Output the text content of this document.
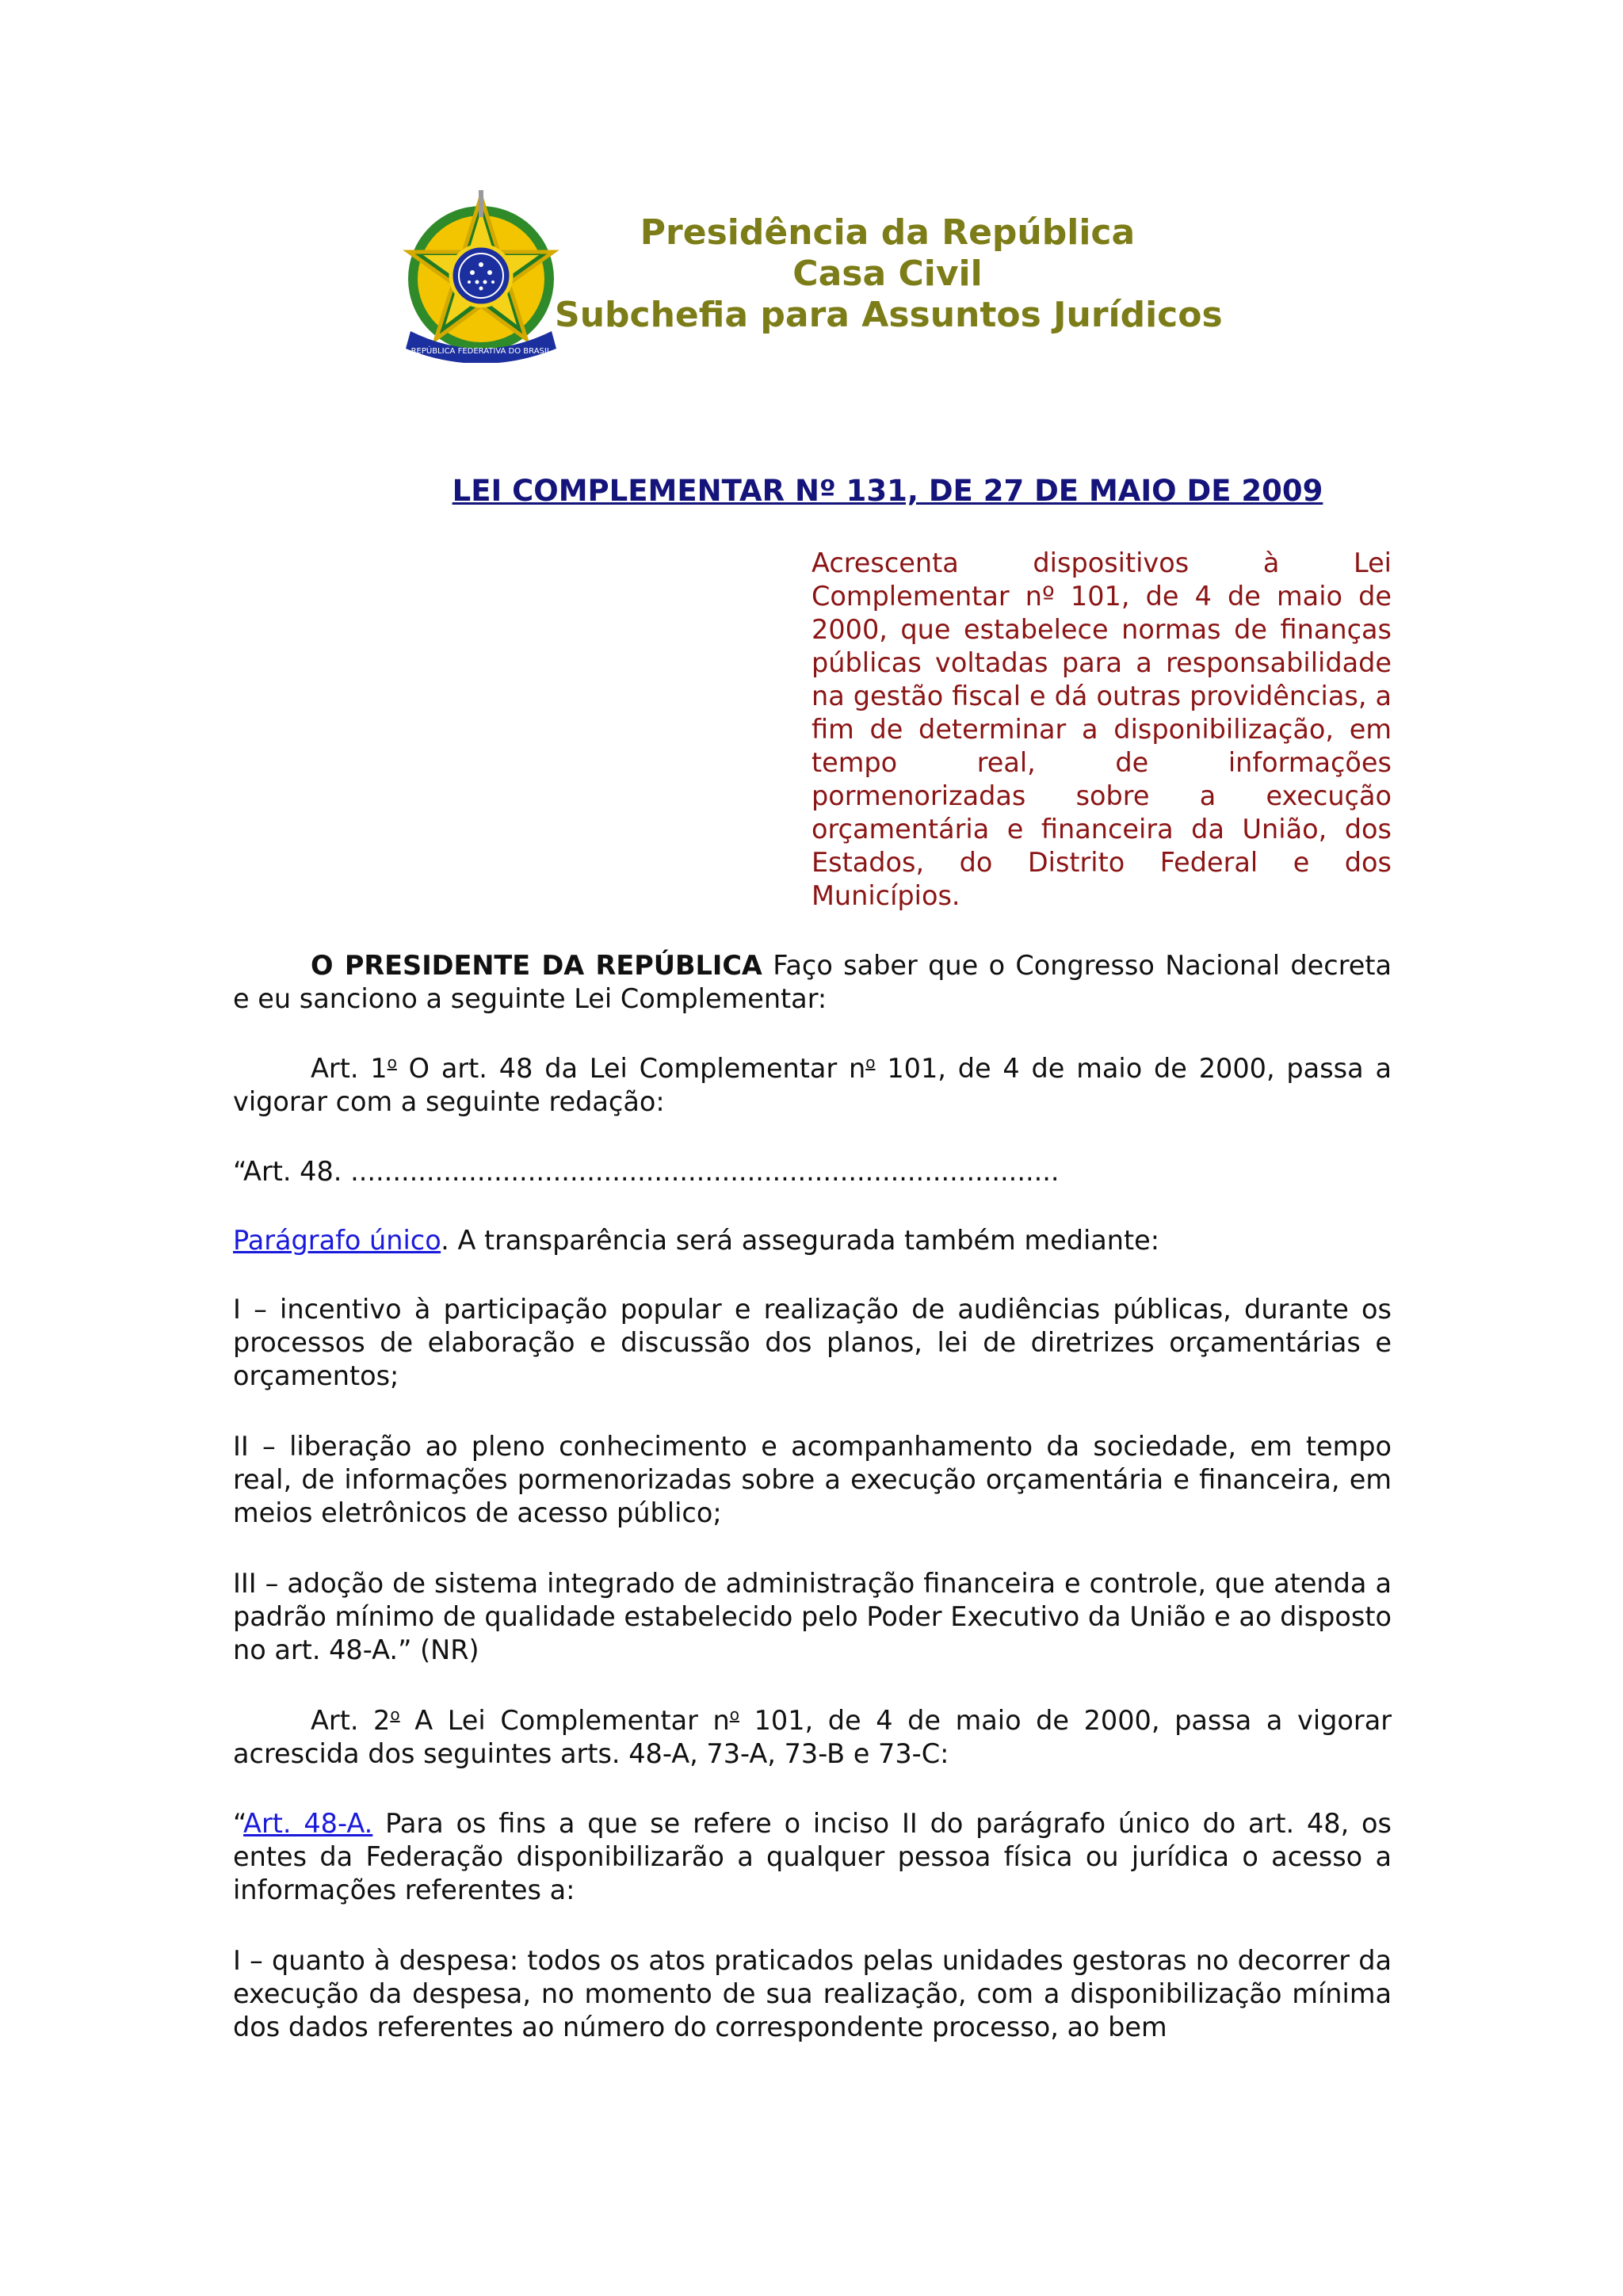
REPÚBLICA FEDERATIVA DO BRASIL
Presidência da República
Casa Civil
Subchefia para Assuntos Jurídicos
LEI COMPLEMENTAR Nº 131, DE 27 DE MAIO DE 2009

Acrescenta dispositivos à Lei Complementar nº 101, de 4 de maio de 2000, que estabelece normas de finanças públicas voltadas para a responsabilidade na gestão fiscal e dá outras providências, a fim de determinar a disponibilização, em tempo real, de informações pormenorizadas sobre a execução orçamentária e financeira da União, dos Estados, do Distrito Federal e dos Municípios.

O PRESIDENTE DA REPÚBLICA Faço saber que o Congresso Nacional decreta e eu sanciono a seguinte Lei Complementar:

Art. 1$^o$ O art. 48 da Lei Complementar $n^o$ 101, de 4 de maio de 2000, passa a vigorar com a seguinte redação:

“Art. 48. ....................................................................................

Parágrafo único. A transparência será assegurada também mediante:

I – incentivo à participação popular e realização de audiências públicas, durante os processos de elaboração e discussão dos planos, lei de diretrizes orçamentárias e orçamentos;

II – liberação ao pleno conhecimento e acompanhamento da sociedade, em tempo real, de informações pormenorizadas sobre a execução orçamentária e financeira, em meios eletrônicos de acesso público;

III – adoção de sistema integrado de administração financeira e controle, que atenda a padrão mínimo de qualidade estabelecido pelo Poder Executivo da União e ao disposto no art. 48-A.” (NR)

Art. 2$^o$ A Lei Complementar $n^o$ 101, de 4 de maio de 2000, passa a vigorar acrescida dos seguintes arts. 48-A, 73-A, 73-B e 73-C:

“Art. 48-A. Para os fins a que se refere o inciso II do parágrafo único do art. 48, os entes da Federação disponibilizarão a qualquer pessoa física ou jurídica o acesso a informações referentes a:

I – quanto à despesa: todos os atos praticados pelas unidades gestoras no decorrer da execução da despesa, no momento de sua realização, com a disponibilização mínima dos dados referentes ao número do correspondente processo, ao bem
